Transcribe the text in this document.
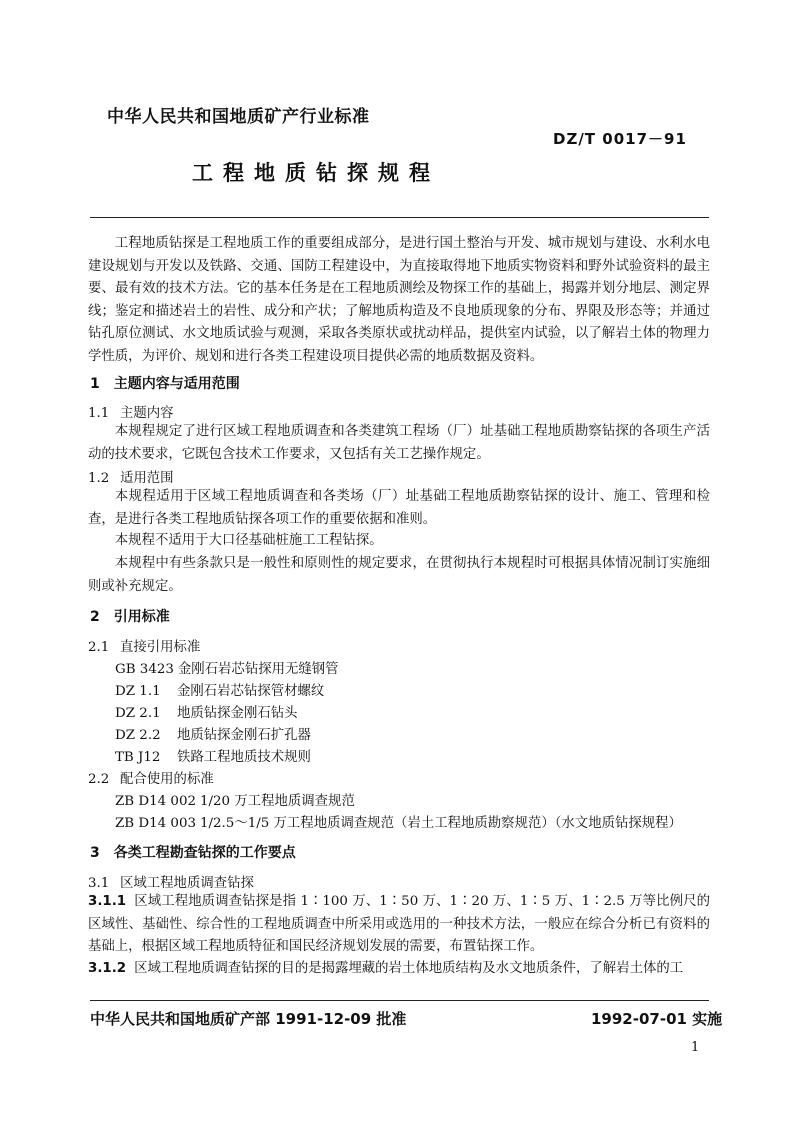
中华人民共和国地质矿产行业标准
DZ/T 0017－91
工程地质钻探规程

工程地质钻探是工程地质工作的重要组成部分，是进行国土整治与开发、城市规划与建设、水利水电建设规划与开发以及铁路、交通、国防工程建设中，为直接取得地下地质实物资料和野外试验资料的最主要、最有效的技术方法。它的基本任务是在工程地质测绘及物探工作的基础上，揭露并划分地层、测定界线；鉴定和描述岩土的岩性、成分和产状；了解地质构造及不良地质现象的分布、界限及形态等；并通过钻孔原位测试、水文地质试验与观测，采取各类原状或扰动样品，提供室内试验，以了解岩土体的物理力学性质，为评价、规划和进行各类工程建设项目提供必需的地质数据及资料。

1　主题内容与适用范围
1.1 主题内容

本规程规定了进行区域工程地质调查和各类建筑工程场（厂）址基础工程地质勘察钻探的各项生产活动的技术要求，它既包含技术工作要求，又包括有关工艺操作规定。

1.2 适用范围

本规程适用于区域工程地质调查和各类场（厂）址基础工程地质勘察钻探的设计、施工、管理和检查，是进行各类工程地质钻探各项工作的重要依据和准则。

本规程不适用于大口径基础桩施工工程钻探。

本规程中有些条款只是一般性和原则性的规定要求，在贯彻执行本规程时可根据具体情况制订实施细则或补充规定。

2　引用标准
2.1 直接引用标准
GB 3423 金刚石岩芯钻探用无缝钢管
DZ 1.1 金刚石岩芯钻探管材螺纹
DZ 2.1 地质钻探金刚石钻头
DZ 2.2 地质钻探金刚石扩孔器
TB J12 铁路工程地质技术规则
2.2 配合使用的标准
ZB D14 002 1/20 万工程地质调查规范
ZB D14 003 1/2.5～1/5 万工程地质调查规范（岩土工程地质勘察规范）（水文地质钻探规程）
3　各类工程勘查钻探的工作要点
3.1 区域工程地质调查钻探
3.1.1 区域工程地质调查钻探是指 1∶100 万、1∶50 万、1∶20 万、1∶5 万、1∶2.5 万等比例尺的区域性、基础性、综合性的工程地质调查中所采用或选用的一种技术方法，一般应在综合分析已有资料的基础上，根据区域工程地质特征和国民经济规划发展的需要，布置钻探工作。
3.1.2 区域工程地质调查钻探的目的是揭露埋藏的岩土体地质结构及水文地质条件，了解岩土体的工
中华人民共和国地质矿产部 1991-12-09 批准	1992-07-01 实施
1
